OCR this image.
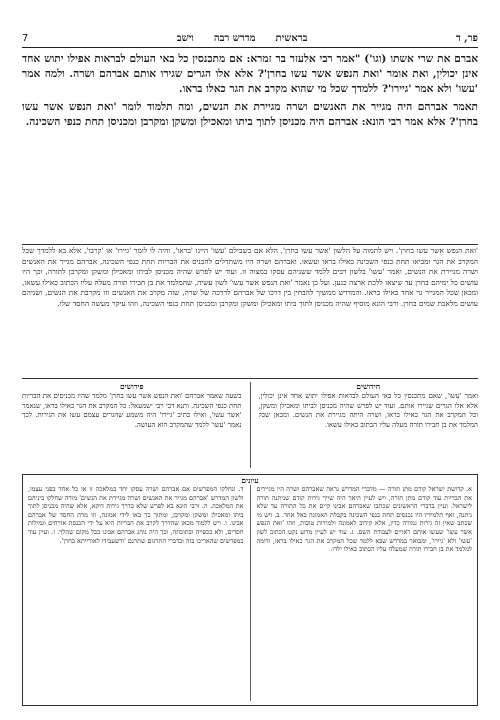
פר, ד
בראשית
מדרש רבה
וישב
7

אברם את שרי אשתו (וגו') "אמר רבי אלעזר בר זמרא: אם מתכנסין כל באי העולם לבראות אפילו יתוש אחד אינן יכולין, ואת אומר 'ואת הנפש אשר עשו בחרן'? אלא אלו הגרים שגירו אותם אברהם ושרה. ולמה אמר 'עשו' ולא אמר 'גיירו'? ללמדך שכל מי שהוא מקרב את הגר כאלו בראו.

תאמר אברהם היה מגייר את האנשים ושרה מגיירת את הנשים, ומה תלמוד לומר 'ואת הנפש אשר עשו בחרן'? אלא אמר רבי הונא: אברהם היה מכניסן לתוך ביתו ומאכילן ומשקן ומקרבן ומכניסן תחת כנפי השכינה.

'ואת הנפש אשר עשו בחרן'. ויש לתמוה על הלשון 'אשר עשו בחרן', הלא אם בשבילם 'עשו' היינו 'בראו', והיה לו לומר 'גיירו' או 'קרבו', אלא בא ללמדך שכל המקרב את הגר ומביאו תחת כנפי השכינה כאילו בראו ועשאו. ואברהם ושרה היו משתדלים להכניס את הבריות תחת כנפי השכינה, אברהם מגייר את האנשים ושרה מגיירת את הנשים, ואמר 'עשו' בלשון רבים ללמד ששניהם עסקו במצוה זו. ועוד יש לפרש שהיה מכניסן לביתו ומאכילן ומשקן ומקרבן לתורה, וכך היו עושים כל ימיהם בחרן עד שיצאו ללכת ארצה כנען. ועל כן נאמר 'ואת הנפש אשר עשו' לשון עשיה, שהמלמד את בן חבירו תורה מעלה עליו הכתוב כאילו עשאו, ומכאן שכל המגייר גר אחד כאילו בראו. והמדרש ממשיך להבחין בין דרכו של אברהם לדרכה של שרה, שזה מקרב את האנשים וזו מקרבת את הנשים, ושניהם עושים מלאכת שמים בחרן. ורבי הונא מוסיף שהיה מכניסן לתוך ביתו ומאכילן ומשקן ומקרבן ומכניסן תחת כנפי השכינה, וזהו עיקר מעשה החסד שלו.
חידושים
ואמר 'עשו', שאם מתכנסין כל באי העולם לבראות אפילו יתוש אחד אינן יכולין, אלא אלו הגרים שגיירו אותם. ועוד יש לפרש שהיה מכניסן לביתו ומאכילן ומשקן, וכל המקרב את הגר כאילו בראו, ושרה היתה מגיירת את הנשים. ומכאן שכל המלמד את בן חבירו תורה מעלה עליו הכתוב כאילו עשאו.
פירושים
בשעה שאמר אברהם 'ואת הנפש אשר עשו בחרן' מלמד שהיו מכניסים את הבריות תחת כנפי השכינה. ותנא דבי רבי ישמעאל: כל המקרב את הגר כאילו בראו, שנאמר 'אשר עשו', ואילו כתיב 'גיירו' היה משמע שהגרים עצמם עשו את הגירות. לכך נאמר 'עשו' ללמד שהמקרב הוא העושה.
עיונים
א. קדושת ישראל קודם מתן תורה — מדברי המדרש נראה שאברהם ושרה היו מגיירים את הבריות עוד קודם מתן תורה, ויש לעיין היאך היה שייך גירות קודם שניתנה תורה לישראל. ועיין בדברי הראשונים שכתבו שאברהם אבינו קיים את כל התורה עד שלא ניתנה, ואף תלמידיו היו נכנסים תחת כנפי השכינה בקבלת האמונה באל אחד. ב. ויש מי שכתב שאין זה גירות גמורה כדין, אלא קירוב לאמונה ולמידות טובות, וזהו 'ואת הנפש אשר עשו' שעשו אותם ראויים לעבודת השם. ג. עוד יש לעיין מדוע נקט הכתוב לשון 'עשו' ולא 'גיירו', ומבואר במדרש שבא ללמד שכל המקרב את הגר כאילו בראו, ודומה למלמד את בן חבירו תורה שמעלה עליו הכתוב כאילו ילדו.
ד. ונחלקו המפרשים אם אברהם ושרה עסקו יחד במלאכה זו או כל אחד בפני עצמו, ולשון המדרש 'אברהם מגייר את האנשים ושרה מגיירת את הנשים' מורה שחלקו ביניהם את המלאכה. ה. ורבי הונא בא לפרש שלא בדרך גירות דוקא, אלא שהיה מכניסן לתוך ביתו ומאכילן ומשקן ומקרבן, ומתוך כך באו לידי אמונה, וזו מדת החסד של אברהם אבינו. ו. ויש ללמוד מכאן שהדרך לקרב את הבריות היא על ידי הכנסת אורחים וגמילות חסדים, ולא בכפייה ובתוכחה, וכך היה נוהג אברהם אבינו בכל מקום שהלך. ז. ועיין עוד במפרשים שהאריכו בזה ובדברי התרגום שתרגם 'ודשעבידו לאורייתא בחרן'.
